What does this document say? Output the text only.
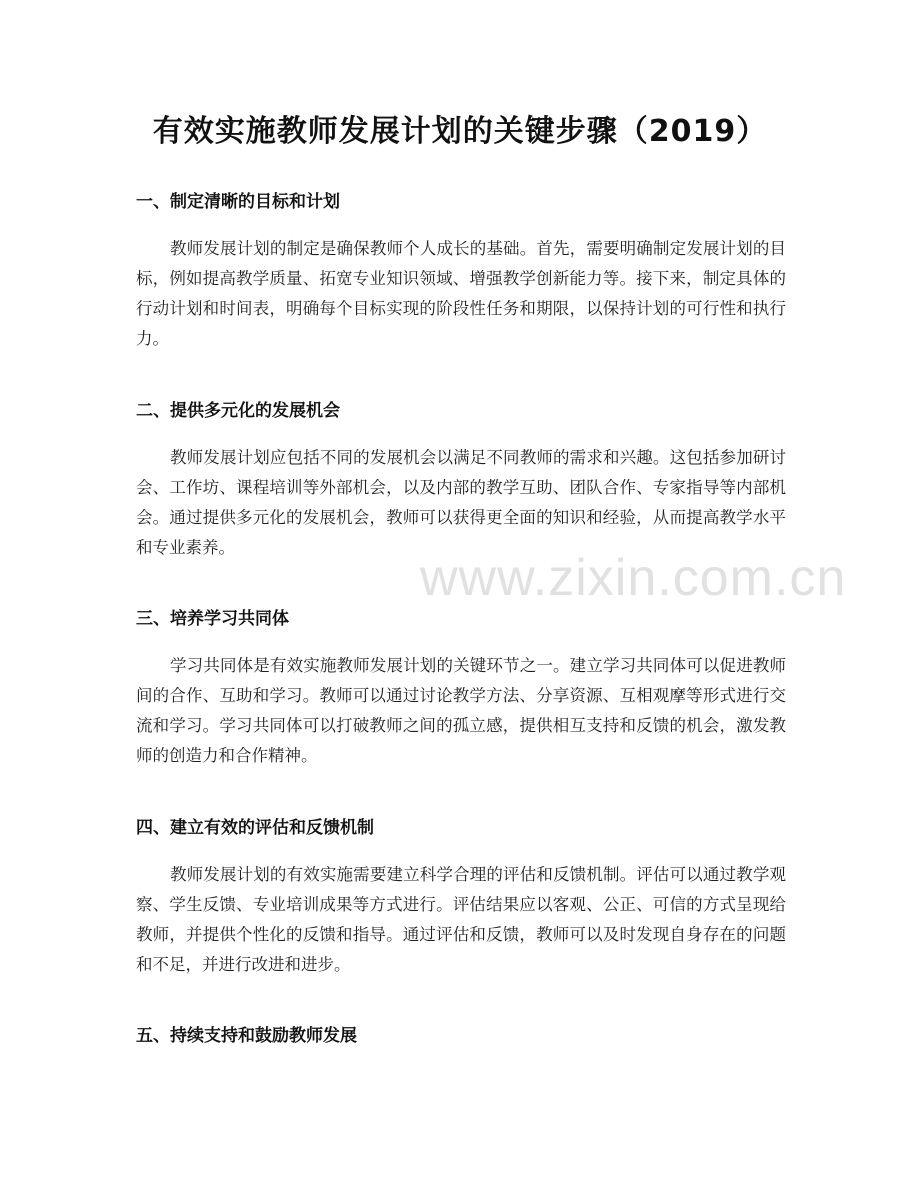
有效实施教师发展计划的关键步骤（2019）
一、制定清晰的目标和计划
教师发展计划的制定是确保教师个人成长的基础。首先，需要明确制定发展计划的目标，例如提高教学质量、拓宽专业知识领域、增强教学创新能力等。接下来，制定具体的行动计划和时间表，明确每个目标实现的阶段性任务和期限，以保持计划的可行性和执行力。
二、提供多元化的发展机会
教师发展计划应包括不同的发展机会以满足不同教师的需求和兴趣。这包括参加研讨会、工作坊、课程培训等外部机会，以及内部的教学互助、团队合作、专家指导等内部机会。通过提供多元化的发展机会，教师可以获得更全面的知识和经验，从而提高教学水平和专业素养。
三、培养学习共同体
学习共同体是有效实施教师发展计划的关键环节之一。建立学习共同体可以促进教师间的合作、互助和学习。教师可以通过讨论教学方法、分享资源、互相观摩等形式进行交流和学习。学习共同体可以打破教师之间的孤立感，提供相互支持和反馈的机会，激发教师的创造力和合作精神。
四、建立有效的评估和反馈机制
教师发展计划的有效实施需要建立科学合理的评估和反馈机制。评估可以通过教学观察、学生反馈、专业培训成果等方式进行。评估结果应以客观、公正、可信的方式呈现给教师，并提供个性化的反馈和指导。通过评估和反馈，教师可以及时发现自身存在的问题和不足，并进行改进和进步。
五、持续支持和鼓励教师发展
www.zixin.com.cn
